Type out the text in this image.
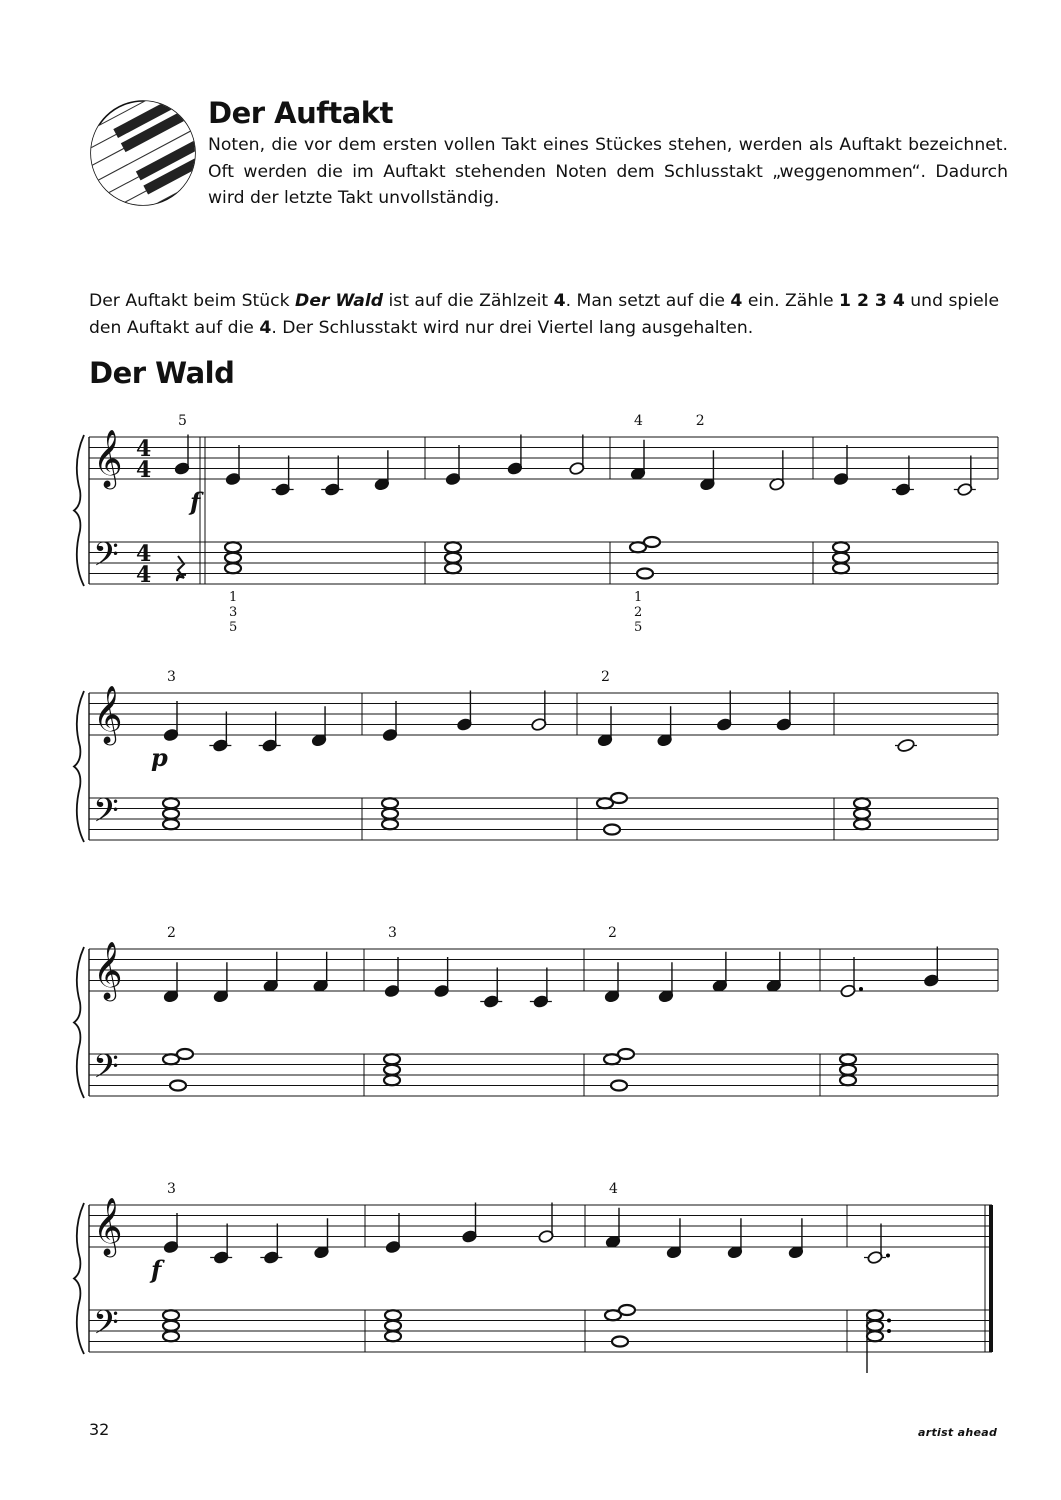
Der Auftakt
Noten, die vor dem ersten vollen Takt eines Stückes stehen, werden als Auftakt bezeichnet. Oft werden die im Auftakt stehenden Noten dem Schlusstakt „weggenommen“. Dadurch wird der letzte Takt unvollständig.
Der Auftakt beim Stück Der Wald ist auf die Zählzeit 4. Man setzt auf die 4 ein. Zähle 1 2 3 4 und spiele den Auftakt auf die 4. Der Schlusstakt wird nur drei Viertel lang ausgehalten.
Der Wald
𝄞
𝄢
4
4
4
4
f
5
1
3
5
4	2
1
2
5
𝄞
𝄢
p
3	2
𝄞
𝄢
2	3	2
𝄞
𝄢
f
3	4
32	artist ahead
